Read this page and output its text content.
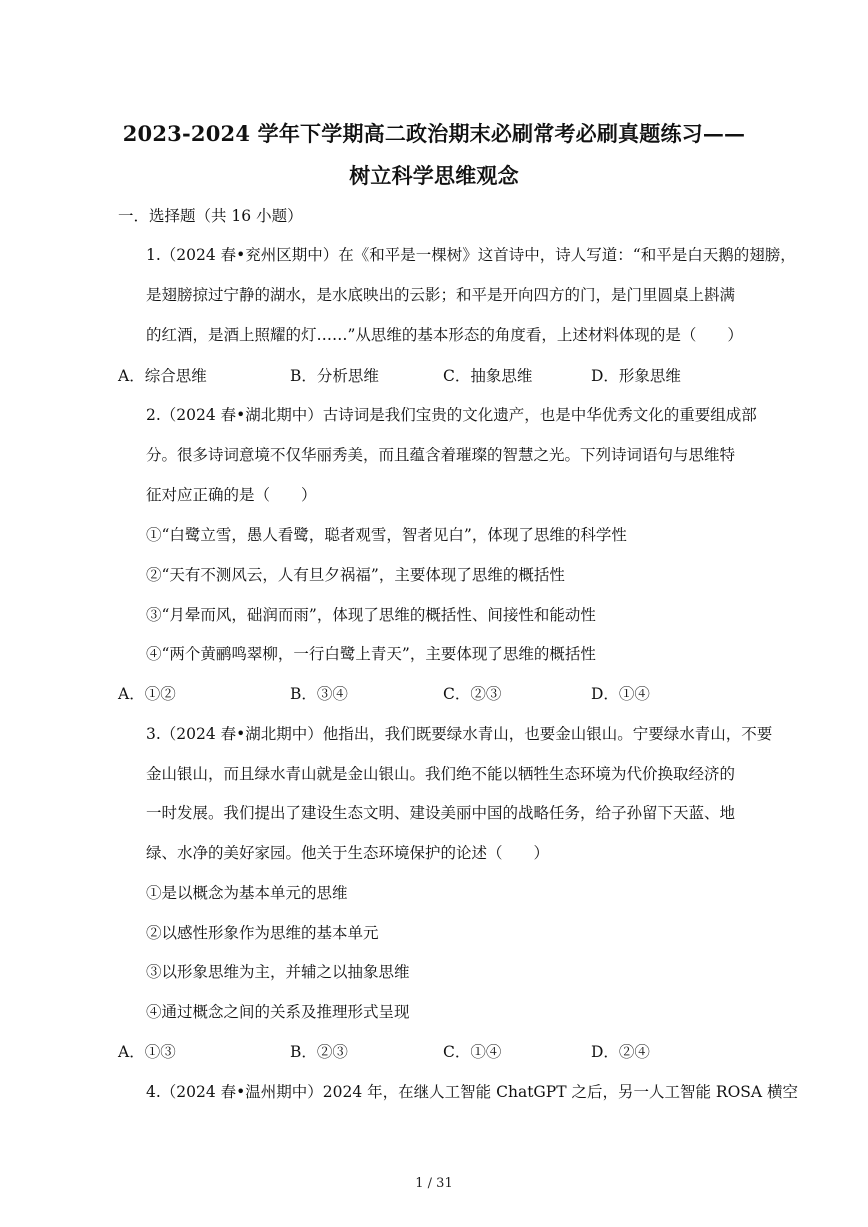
2023-2024 学年下学期高二政治期末必刷常考必刷真题练习——
树立科学思维观念
一．选择题（共 16 小题）
1.（2024 春•兖州区期中）在《和平是一棵树》这首诗中，诗人写道：“和平是白天鹅的翅膀，
是翅膀掠过宁静的湖水，是水底映出的云影；和平是开向四方的门，是门里圆桌上斟满
的红酒，是酒上照耀的灯……”从思维的基本形态的角度看，上述材料体现的是（　　）
A．综合思维	B．分析思维	C．抽象思维	D．形象思维
2.（2024 春•湖北期中）古诗词是我们宝贵的文化遗产，也是中华优秀文化的重要组成部
分。很多诗词意境不仅华丽秀美，而且蕴含着璀璨的智慧之光。下列诗词语句与思维特
征对应正确的是（　　）
①“白鹭立雪，愚人看鹭，聪者观雪，智者见白”，体现了思维的科学性
②“天有不测风云，人有旦夕祸福”，主要体现了思维的概括性
③“月晕而风，础润而雨”，体现了思维的概括性、间接性和能动性
④“两个黄鹂鸣翠柳，一行白鹭上青天”，主要体现了思维的概括性
A．①②	B．③④	C．②③	D．①④
3.（2024 春•湖北期中）他指出，我们既要绿水青山，也要金山银山。宁要绿水青山，不要
金山银山，而且绿水青山就是金山银山。我们绝不能以牺牲生态环境为代价换取经济的
一时发展。我们提出了建设生态文明、建设美丽中国的战略任务，给子孙留下天蓝、地
绿、水净的美好家园。他关于生态环境保护的论述（　　）
①是以概念为基本单元的思维
②以感性形象作为思维的基本单元
③以形象思维为主，并辅之以抽象思维
④通过概念之间的关系及推理形式呈现
A．①③	B．②③	C．①④	D．②④
4.（2024 春•温州期中）2024 年，在继人工智能 ChatGPT 之后，另一人工智能 ROSA 横空
1 / 31
